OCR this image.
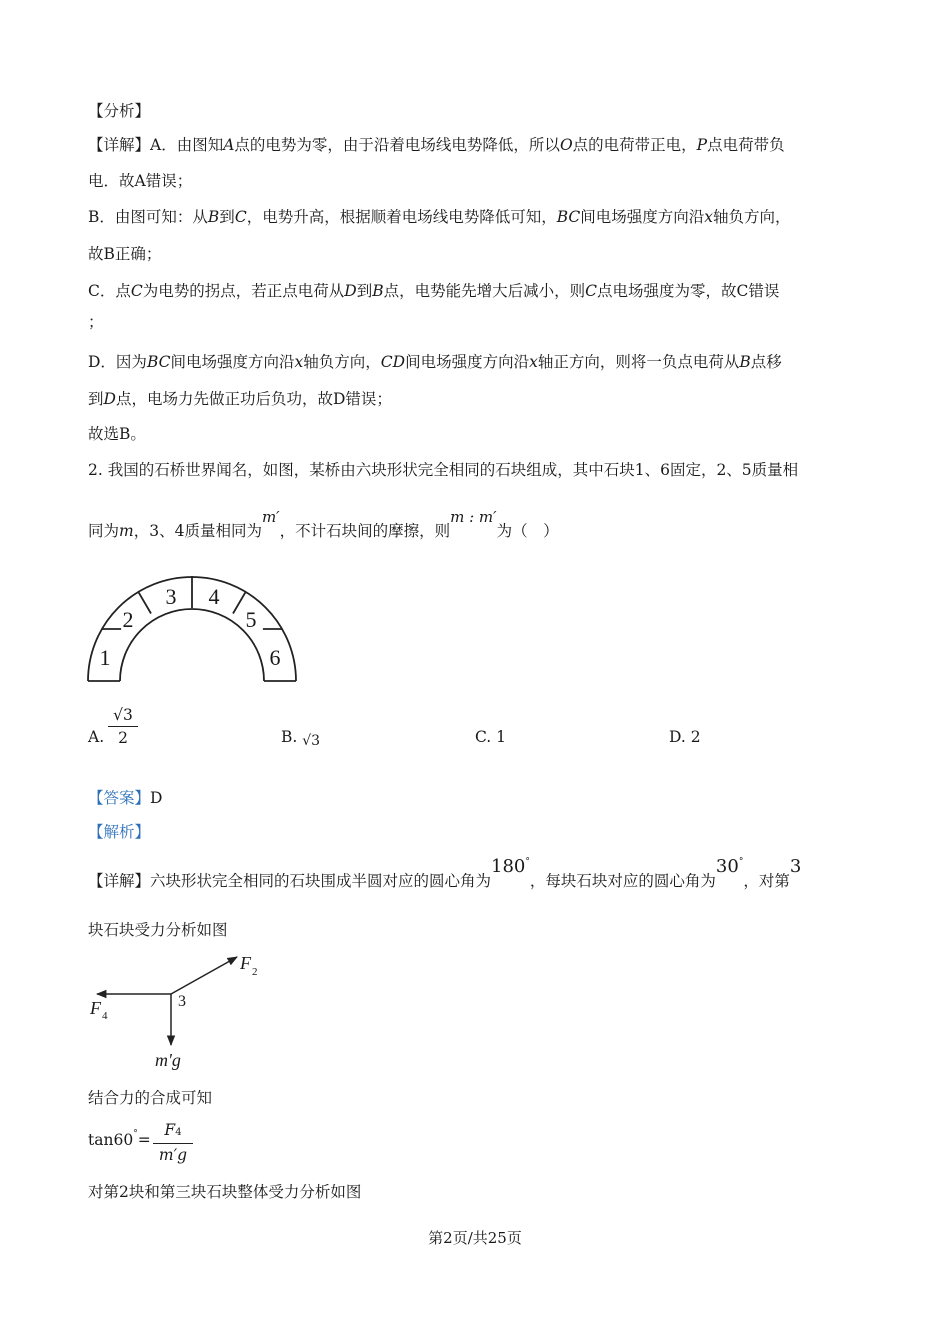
【分析】
【详解】A．由图知A点的电势为零，由于沿着电场线电势降低，所以O点的电荷带正电，P点电荷带负
电．故A错误；
B．由图可知：从B到C，电势升高，根据顺着电场线电势降低可知，BC间电场强度方向沿x轴负方向，
故B正确；
C．点C为电势的拐点，若正点电荷从D到B点，电势能先增大后减小，则C点电场强度为零，故C错误
；
D．因为BC间电场强度方向沿x轴负方向，CD间电场强度方向沿x轴正方向，则将一负点电荷从B点移
到D点，电场力先做正功后负功，故D错误；
故选B。
2. 我国的石桥世界闻名，如图，某桥由六块形状完全相同的石块组成，其中石块1、6固定，2、5质量相
同为m，3、4质量相同为m′，不计石块间的摩擦，则m : m′为（　）
1
2
3 4
5
6
A. $\frac{√3}{2}$	B. √3	C. 1	D. 2
【答案】D
【解析】
【详解】六块形状完全相同的石块围成半圆对应的圆心角为180°，每块石块对应的圆心角为30°，对第3
块石块受力分析如图
F 2
F 4
3
m'g
结合力的合成可知
$\tan 60^\circ= \frac{F4}{m'g}$
对第2块和第三块石块整体受力分析如图
第2页/共25页
